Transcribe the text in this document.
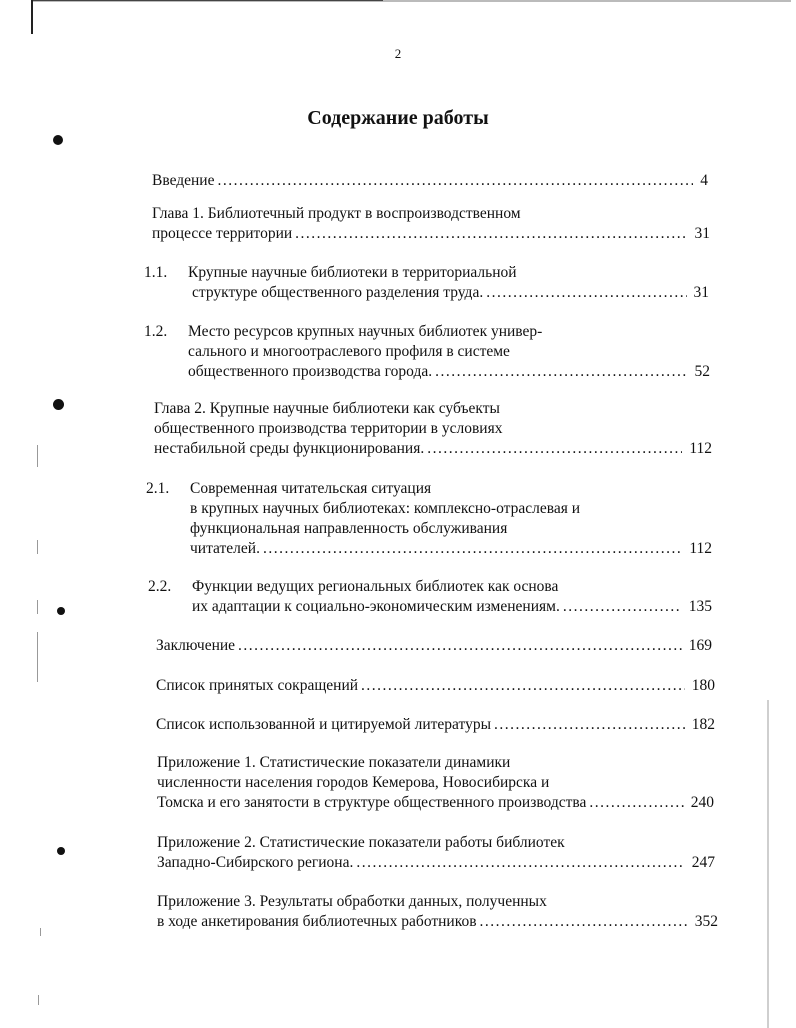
2
Содержание работы
Введение .....	4
Глава 1. Библиотечный продукт в воспроизводственном
процессе территории .....	31
1.1. Крупные научные библиотеки в территориальной
структуре общественного разделения труда. .....	31
1.2. Место ресурсов крупных научных библиотек унивеp-
сального и многоотраслевого профиля в системе
общественного производства города. .....	52
Глава 2. Крупные научные библиотеки как субъекты
общественного производства территории в условиях
нестабильной среды функционирования. .....	112
2.1. Современная читательская ситуация
в крупных научных библиотеках: комплексно-отраслевая и
функциональная направленность обслуживания
читателей. .....	112
2.2. Функции ведущих региональных библиотек как основа
их адаптации к социально-экономическим изменениям. .....	135
Заключение .....	169
Список принятых сокращений .....	180
Список использованной и цитируемой литературы .....	182
Приложение 1. Статистические показатели динамики
численности населения городов Кемерова, Новосибирска и
Томска и его занятости в структуре общественного производства .....	240
Приложение 2. Статистические показатели работы библиотек
Западно-Сибирского региона. .....	247
Приложение 3. Результаты обработки данных, полученных
в ходе анкетирования библиотечных работников .....	352
